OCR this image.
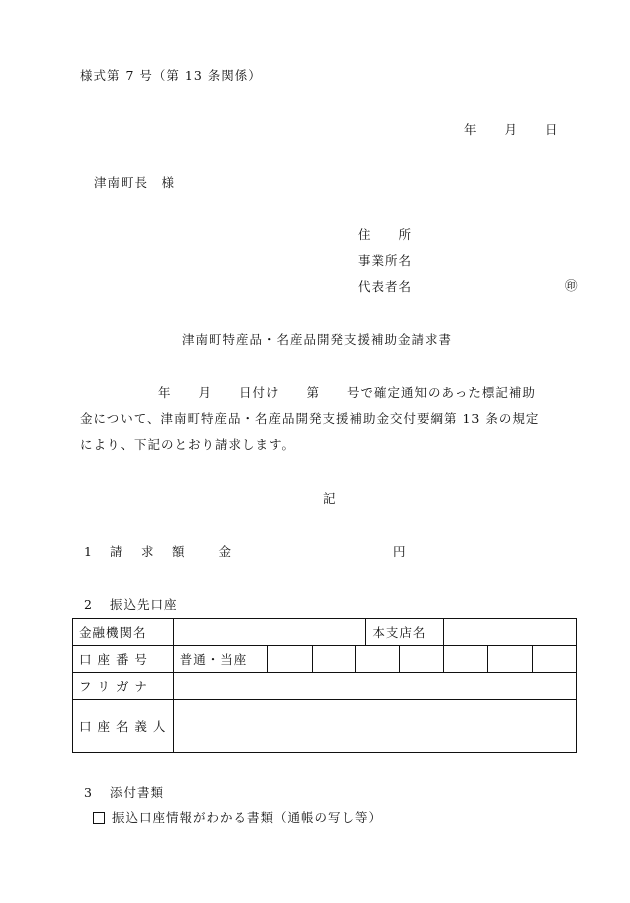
様式第 7 号（第 13 条関係）
年　　月　　日
津南町長　様
住　　所
事業所名
代表者名	㊞
津南町特産品・名産品開発支援補助金請求書
年　　月　　日付け　　第　　号で確定通知のあった標記補助
金について、津南町特産品・名産品開発支援補助金交付要綱第 13 条の規定
により、下記のとおり請求します。
記
1 請　求　額　　金	円
2 振込先口座
金融機関名					本支店名			
口 座 番 号	普通・当座				

フ リ ガ ナ								
口 座 名 義 人								
3 添付書類
振込口座情報がわかる書類（通帳の写し等）
